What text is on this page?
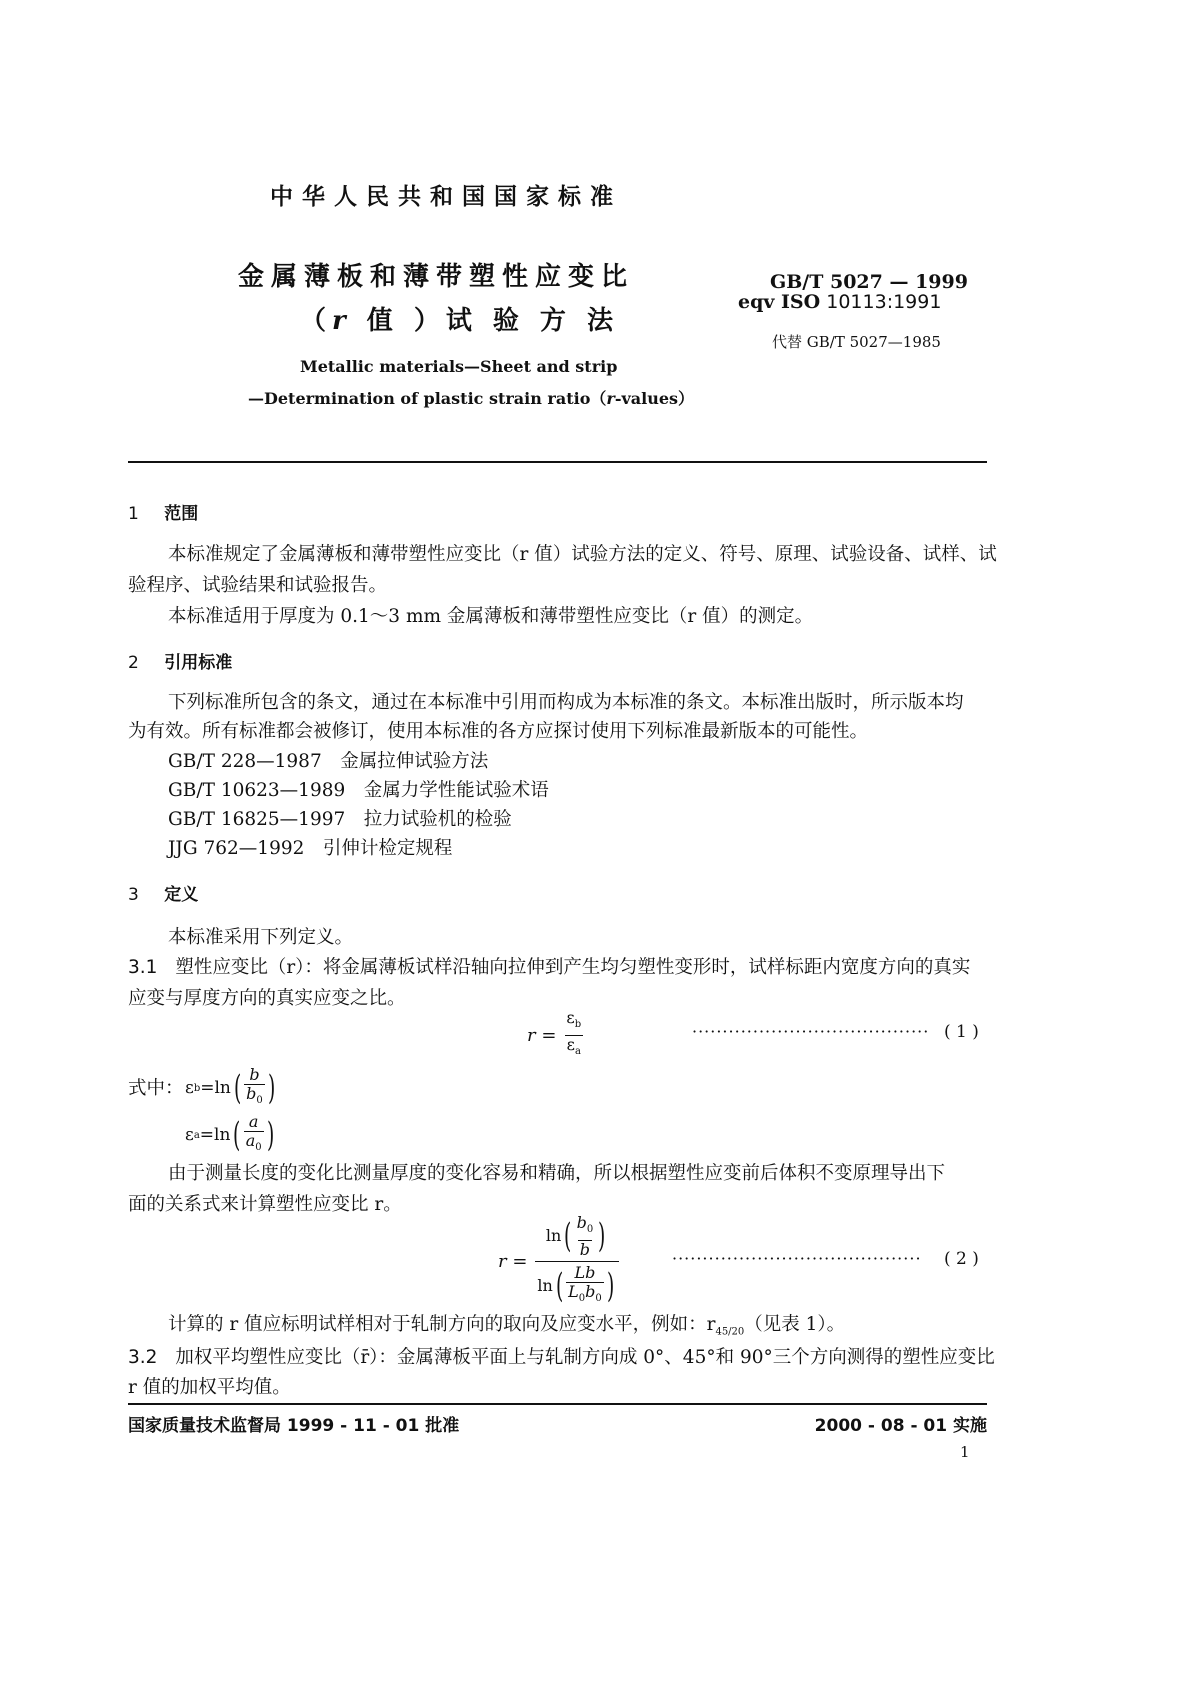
中华人民共和国国家标准
金属薄板和薄带塑性应变比
（r 值 ）试 验 方 法
Metallic materials—Sheet and strip
—Determination of plastic strain ratio（r-values）
GB/T 5027 — 1999
eqv ISO 10113:1991
代替 GB/T 5027—1985
1 范围
本标准规定了金属薄板和薄带塑性应变比（r 值）试验方法的定义、符号、原理、试验设备、试样、试
验程序、试验结果和试验报告。
本标准适用于厚度为 0.1～3 mm 金属薄板和薄带塑性应变比（r 值）的测定。
2 引用标准
下列标准所包含的条文，通过在本标准中引用而构成为本标准的条文。本标准出版时，所示版本均
为有效。所有标准都会被修订，使用本标准的各方应探讨使用下列标准最新版本的可能性。
GB/T 228—1987　金属拉伸试验方法
GB/T 10623—1989　金属力学性能试验术语
GB/T 16825—1997　拉力试验机的检验
JJG 762—1992　引伸计检定规程
3 定义
本标准采用下列定义。
3.1 塑性应变比（r）：将金属薄板试样沿轴向拉伸到产生均匀塑性变形时，试样标距内宽度方向的真实
应变与厚度方向的真实应变之比。
$r = \frac{\varepsilon_b}{\varepsilon_a}$	······································· ( 1 )
式中： ε b =ln ( $\frac{b}{b_0}$ )
ε a =ln ( $\frac{a}{a_0}$ )
由于测量长度的变化比测量厚度的变化容易和精确，所以根据塑性应变前后体积不变原理导出下
面的关系式来计算塑性应变比 r。
$r = \frac{\ln ( \frac{b_0}{b} )}{\ln ( \frac{Lb}{L_0b_0} )}$	········································· ( 2 )
计算的 r 值应标明试样相对于轧制方向的取向及应变水平，例如：$r_{45/20}$（见表 1）。
3.2 加权平均塑性应变比（r̄）：金属薄板平面上与轧制方向成 0°、45°和 90°三个方向测得的塑性应变比
r 值的加权平均值。
国家质量技术监督局 1999 - 11 - 01 批准	2000 - 08 - 01 实施
1
